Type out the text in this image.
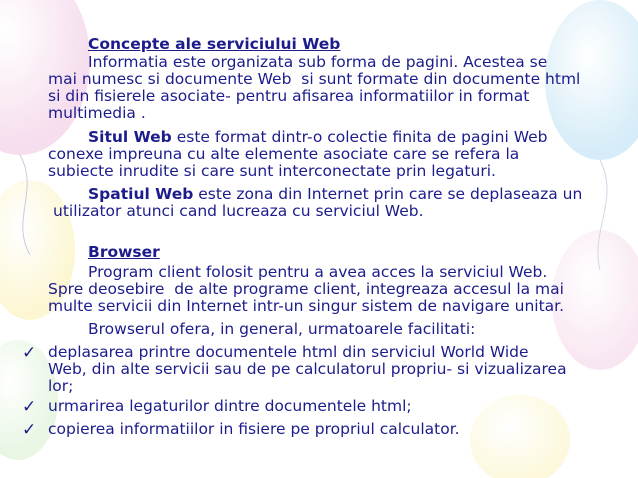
Concepte ale serviciului Web
Informatia este organizata sub forma de pagini. Acestea se
mai numesc si documente Web  si sunt formate din documente html
si din fisierele asociate- pentru afisarea informatiilor in format
multimedia .
Situl Web este format dintr-o colectie finita de pagini Web
conexe impreuna cu alte elemente asociate care se refera la
subiecte inrudite si care sunt interconectate prin legaturi.
Spatiul Web este zona din Internet prin care se deplaseaza un
utilizator atunci cand lucreaza cu serviciul Web.
Browser
Program client folosit pentru a avea acces la serviciul Web.
Spre deosebire  de alte programe client, integreaza accesul la mai
multe servicii din Internet intr-un singur sistem de navigare unitar.
Browserul ofera, in general, urmatoarele facilitati:
✓ deplasarea printre documentele html din serviciul World Wide
Web, din alte servicii sau de pe calculatorul propriu- si vizualizarea
lor;
✓ urmarirea legaturilor dintre documentele html;
✓ copierea informatiilor in fisiere pe propriul calculator.
